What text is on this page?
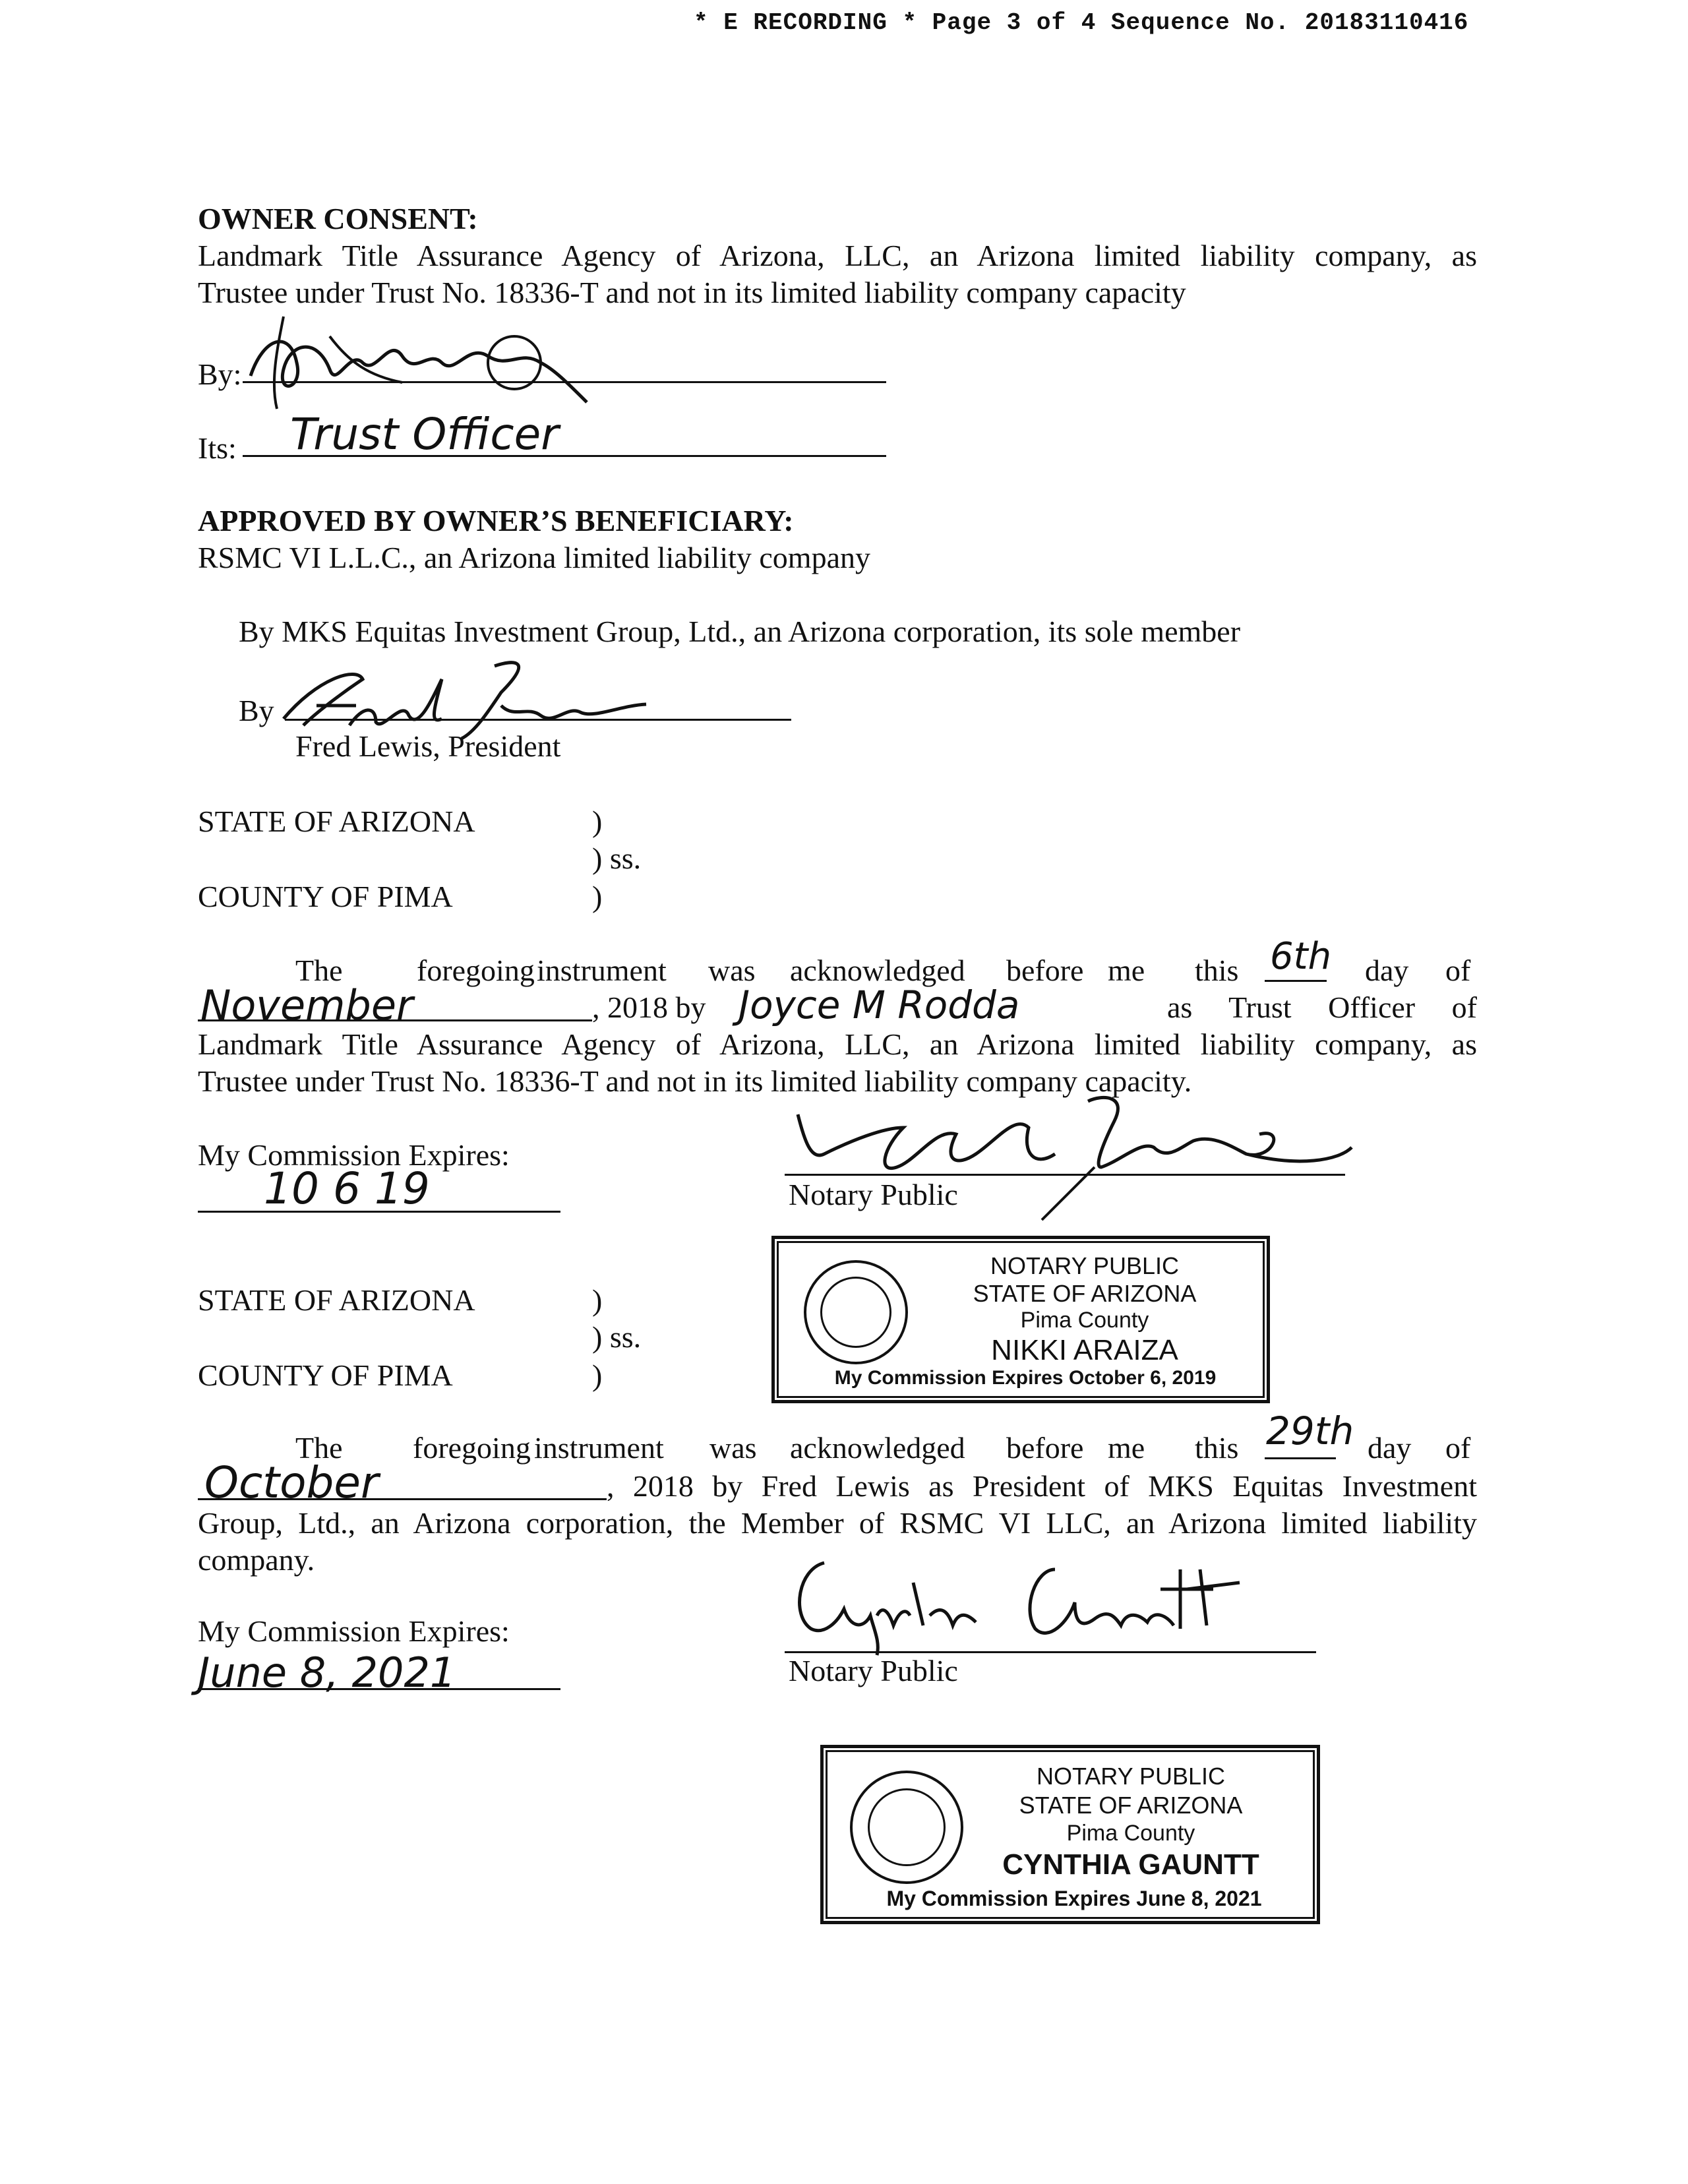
* E RECORDING * Page 3 of 4 Sequence No. 20183110416
OWNER CONSENT:
Landmark Title Assurance Agency of Arizona, LLC, an Arizona limited liability company, as
Trustee under Trust No. 18336-T and not in its limited liability company capacity
By:
Its: Trust Officer
APPROVED BY OWNER’S BENEFICIARY:
RSMC VI L.L.C., an Arizona limited liability company
By MKS Equitas Investment Group, Ltd., an Arizona corporation, its sole member
By
Fred Lewis, President
STATE OF ARIZONA	)
) ss.
COUNTY OF PIMA	)
The foregoing instrument was acknowledged before me this 6th day of
November	, 2018 by Joyce M Rodda	as Trust Officer of
Landmark Title Assurance Agency of Arizona, LLC, an Arizona limited liability company, as
Trustee under Trust No. 18336-T and not in its limited liability company capacity.
My Commission Expires:
10 6 19	Notary Public
NOTARY PUBLIC
STATE OF ARIZONA
Pima County
NIKKI ARAIZA
My Commission Expires October 6, 2019
STATE OF ARIZONA	)
) ss.
COUNTY OF PIMA	)
The foregoing instrument was acknowledged before me this 29th day of
October	, 2018 by Fred Lewis as President of MKS Equitas Investment
Group, Ltd., an Arizona corporation, the Member of RSMC VI LLC, an Arizona limited liability
company.
My Commission Expires:
June 8, 2021	Notary Public
NOTARY PUBLIC
STATE OF ARIZONA
Pima County
CYNTHIA GAUNTT
My Commission Expires June 8, 2021
